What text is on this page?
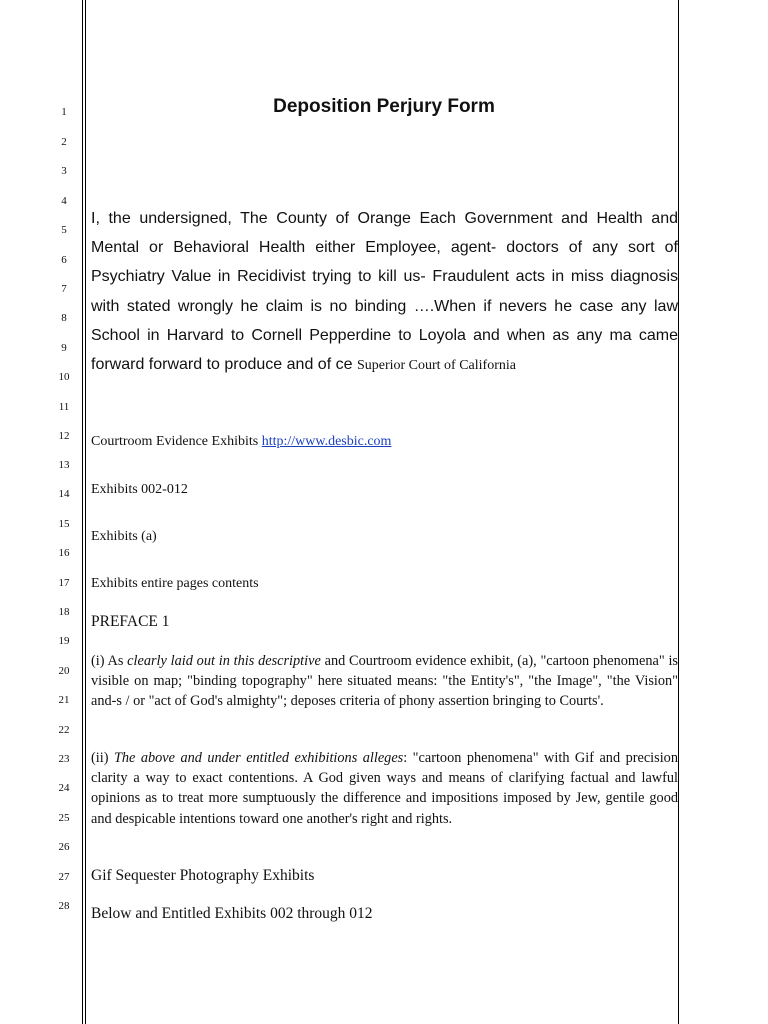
1
2
3
4
5
6
7
8
9
10
11
12
13
14
15
16
17
18
19
20
21
22
23
24
25
26
27
28
Deposition Perjury Form

I, the undersigned, The County of Orange Each Government and Health and Mental or Behavioral Health either Employee, agent- doctors of any sort of Psychiatry Value in Recidivist trying to kill us- Fraudulent acts in miss diagnosis with stated wrongly he claim is no binding ….When if nevers he case any law School in Harvard to Cornell Pepperdine to Loyola and when as any ma came forward forward to produce and of ce Superior Court of California

Courtroom Evidence Exhibits http://www.desbic.com
Exhibits 002-012
Exhibits (a)
Exhibits entire pages contents
PREFACE 1

(i) As clearly laid out in this descriptive and Courtroom evidence exhibit, (a), "cartoon phenomena" is visible on map; "binding topography" here situated means: "the Entity's", "the Image", "the Vision" and-s / or "act of God's almighty"; deposes criteria of phony assertion bringing to Courts'.

(ii) The above and under entitled exhibitions alleges: "cartoon phenomena" with Gif and precision clarity a way to exact contentions. A God given ways and means of clarifying factual and lawful opinions as to treat more sumptuously the difference and impositions imposed by Jew, gentile good and despicable intentions toward one another's right and rights.

Gif Sequester Photography Exhibits
Below and Entitled Exhibits 002 through 012
